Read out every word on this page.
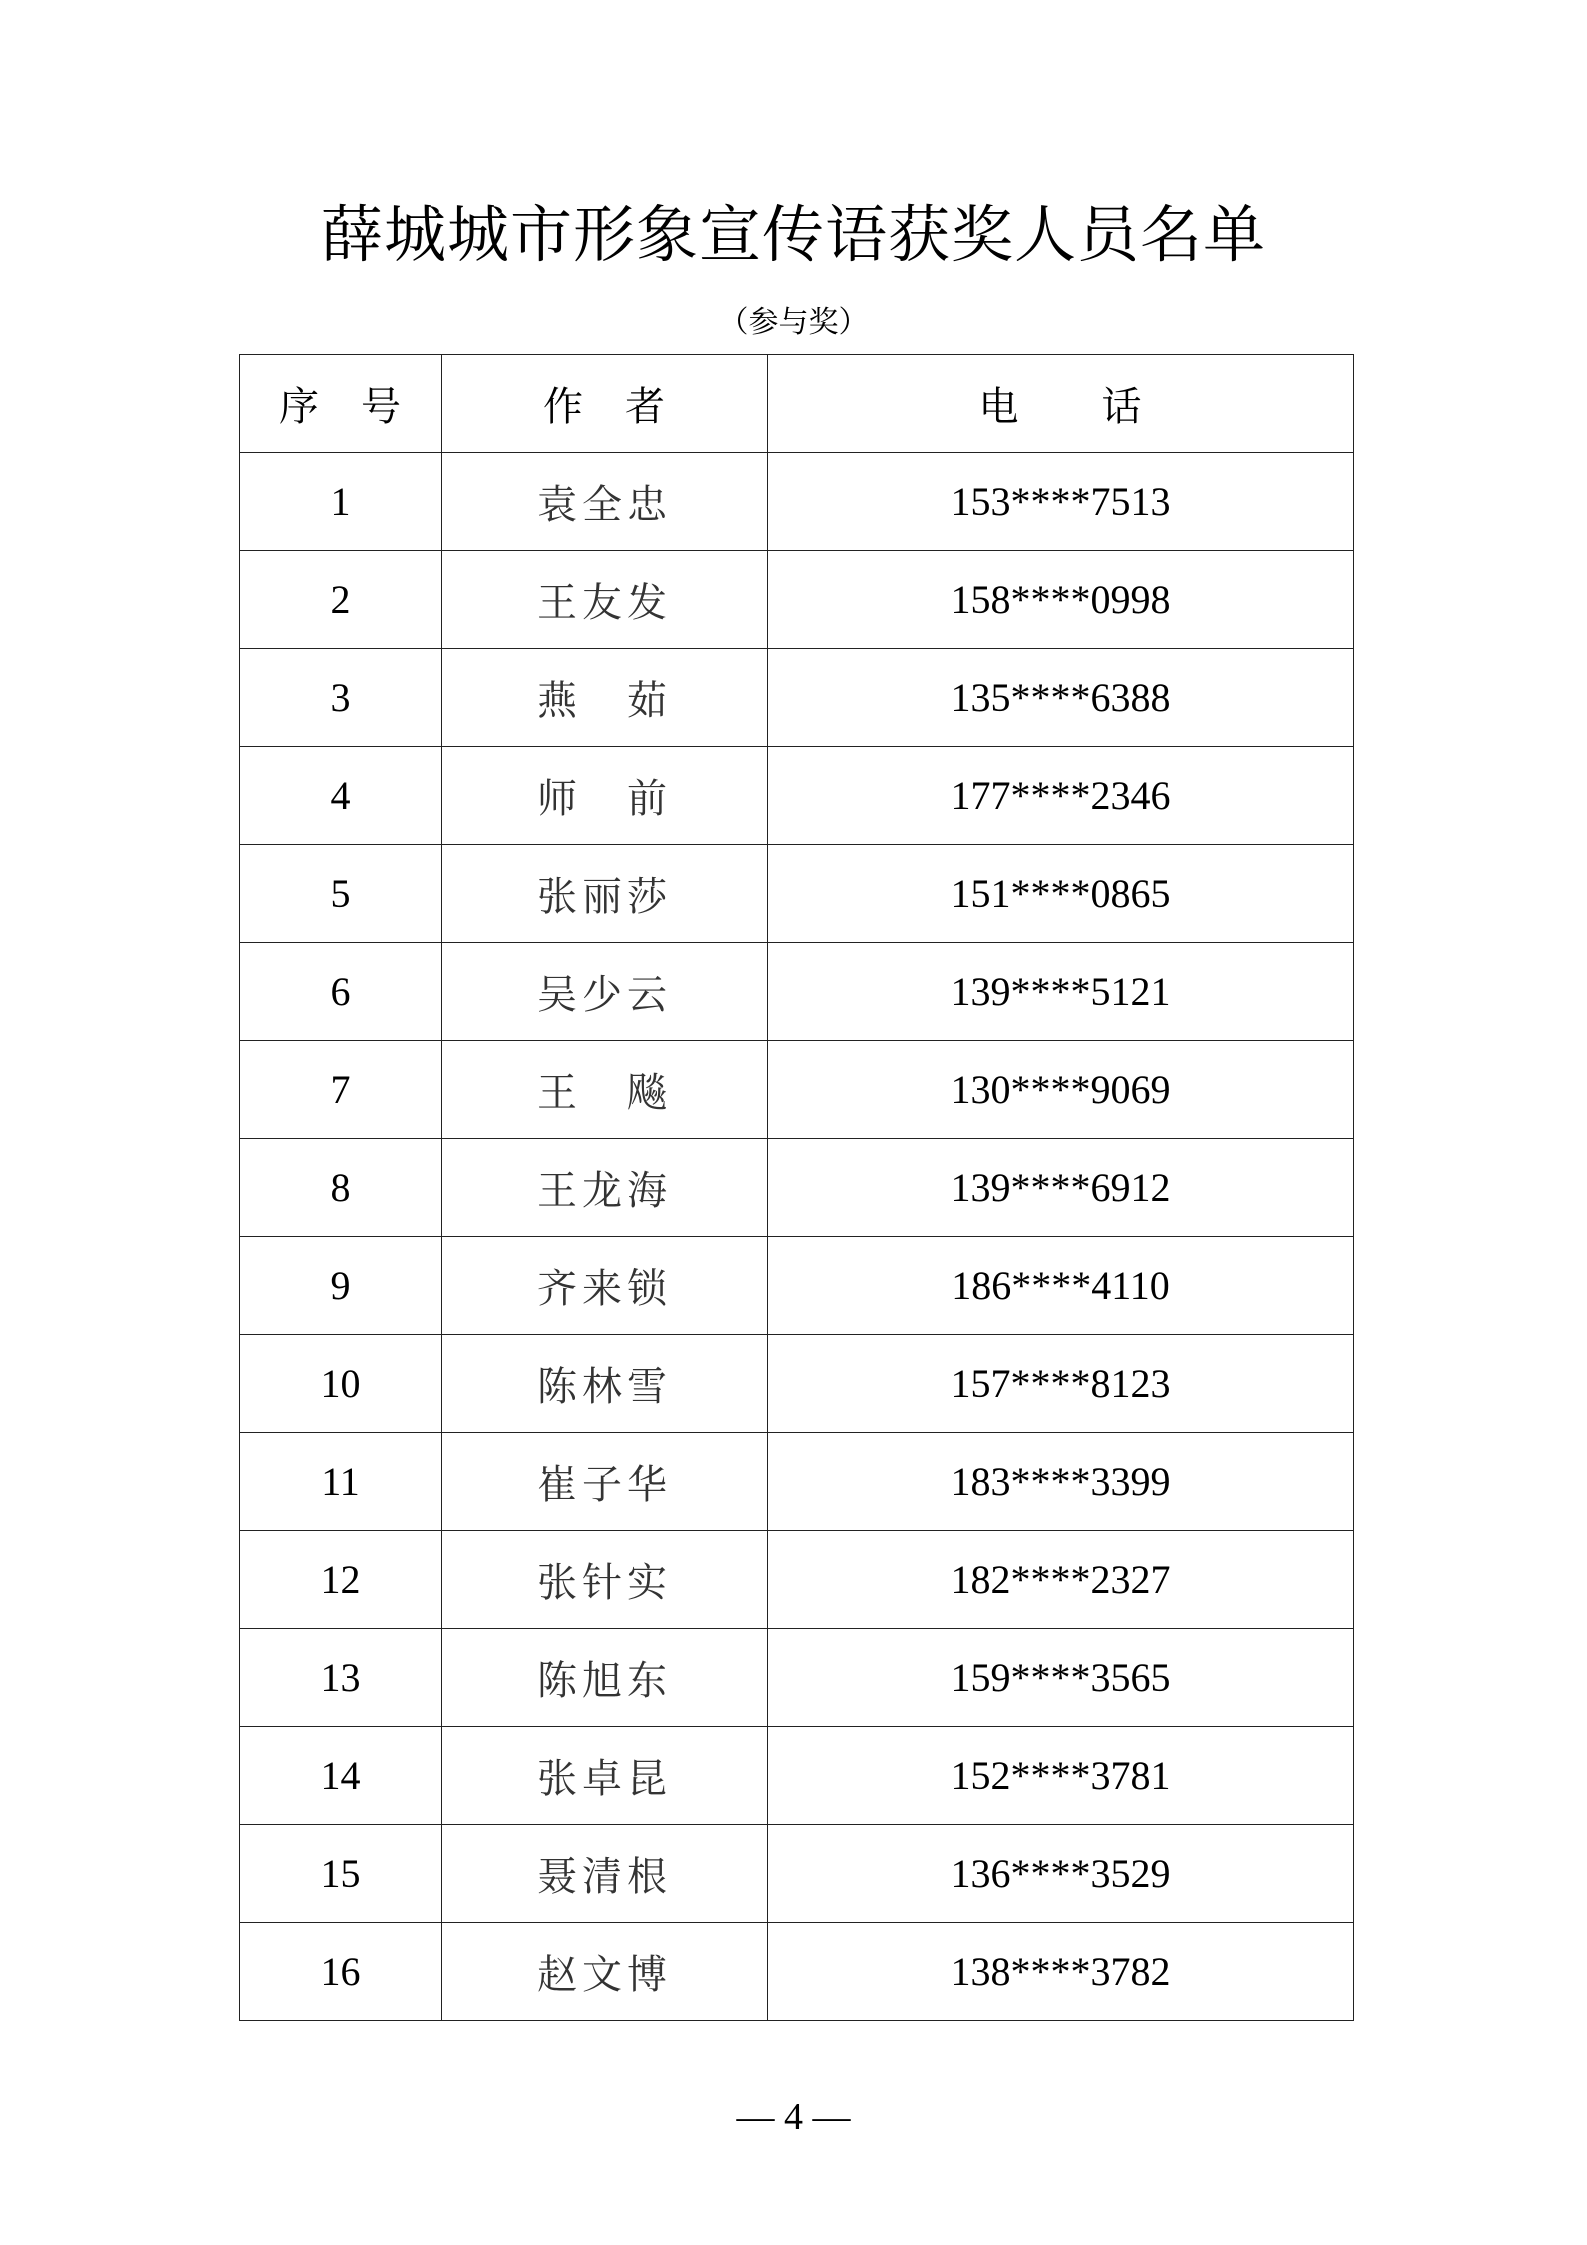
薛城城市形象宣传语获奖人员名单
（参与奖）
序　号	作　者	电　　话
1	袁全忠	153****7513
2	王友发	158****0998
3	燕　茹	135****6388
4	师　前	177****2346
5	张丽莎	151****0865
6	吴少云	139****5121
7	王　飚	130****9069
8	王龙海	139****6912
9	齐来锁	186****4110
10	陈林雪	157****8123
11	崔子华	183****3399
12	张针实	182****2327
13	陈旭东	159****3565
14	张卓昆	152****3781
15	聂清根	136****3529
16	赵文博	138****3782
— 4 —
